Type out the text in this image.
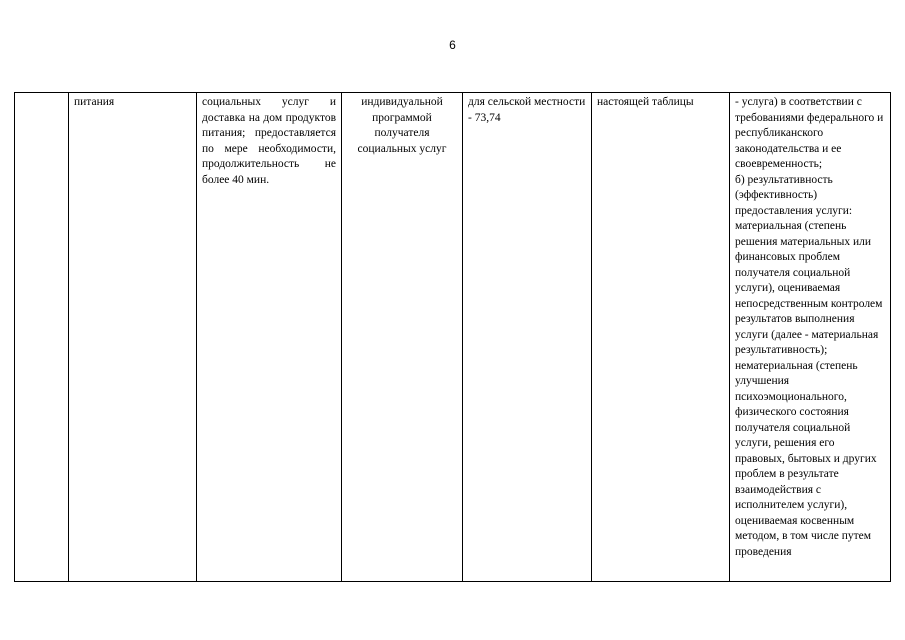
6
	питания	социальных услуг и доставка на дом продуктов питания; предоставляется по мере необходимости, продолжительность не более 40 мин.	индивидуальной программой получателя социальных услуг	для сельской местности - 73,74	настоящей таблицы	- услуга) в соответствии с требованиями федерального и республиканского законодательства и ее своевременность;
б) результативность (эффективность) предоставления услуги: материальная (степень решения материальных или финансовых проблем получателя социальной услуги), оцениваемая непосредственным контролем результатов выполнения услуги (далее - материальная результативность);
нематериальная (степень улучшения психоэмоционального, физического состояния получателя социальной услуги, решения его правовых, бытовых и других проблем в результате взаимодействия с исполнителем услуги), оцениваемая косвенным методом, в том числе путем проведения
